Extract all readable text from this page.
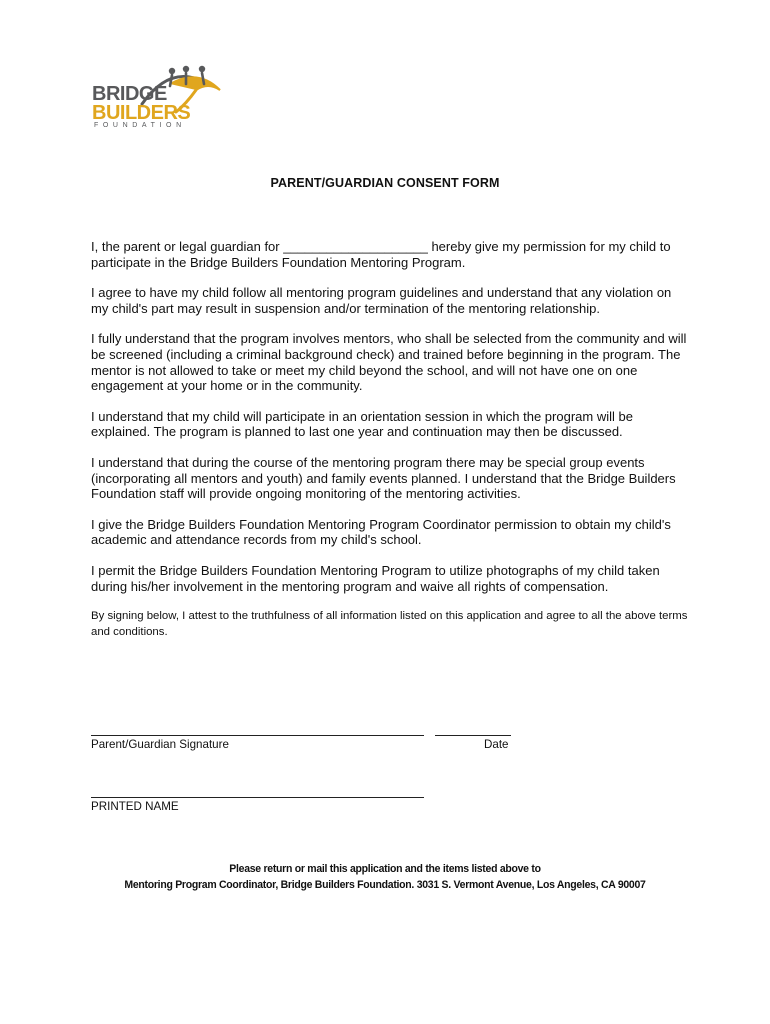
BRIDGE
BUILDERS
FOUNDATION
PARENT/GUARDIAN CONSENT FORM

I, the parent or legal guardian for ____________________ hereby give my permission for my child to participate in the Bridge Builders Foundation Mentoring Program.

I agree to have my child follow all mentoring program guidelines and understand that any violation on my child's part may result in suspension and/or termination of the mentoring relationship.

I fully understand that the program involves mentors, who shall be selected from the community and will be screened (including a criminal background check) and trained before beginning in the program. The mentor is not allowed to take or meet my child beyond the school, and will not have one on one engagement at your home or in the community.

I understand that my child will participate in an orientation session in which the program will be explained. The program is planned to last one year and continuation may then be discussed.

I understand that during the course of the mentoring program there may be special group events (incorporating all mentors and youth) and family events planned. I understand that the Bridge Builders Foundation staff will provide ongoing monitoring of the mentoring activities.

I give the Bridge Builders Foundation Mentoring Program Coordinator permission to obtain my child's academic and attendance records from my child's school.

I permit the Bridge Builders Foundation Mentoring Program to utilize photographs of my child taken during his/her involvement in the mentoring program and waive all rights of compensation.

By signing below, I attest to the truthfulness of all information listed on this application and agree to all the above terms and conditions.

Parent/Guardian Signature	Date
PRINTED NAME
Please return or mail this application and the items listed above to
Mentoring Program Coordinator, Bridge Builders Foundation. 3031 S. Vermont Avenue, Los Angeles, CA 90007
